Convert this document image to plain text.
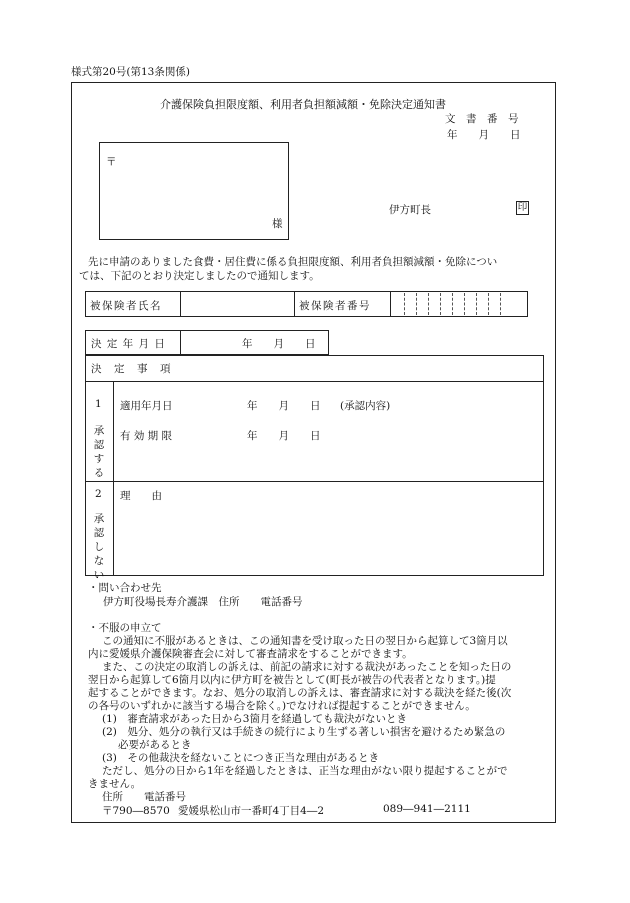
様式第20号(第13条関係)
介護保険負担限度額、利用者負担額減額・免除決定通知書
文　書　番　号
年　　月　　日
〒
様
伊方町長	印
先に申請のありました食費・居住費に係る負担限度額、利用者負担額減額・免除につい
ては、下記のとおり決定しましたので通知します。
被保険者氏名	被保険者番号
決 定 年 月 日	年　　月　　日
決　定　事　項
1
承認する
適用年月日	年　　月　　日 (承認内容)
有 効 期 限	年　　月　　日
2
承認しない
理　　由
・問い合わせ先
伊方町役場長寿介護課　住所　　電話番号
・不服の申立て
この通知に不服があるときは、この通知書を受け取った日の翌日から起算して3箇月以
内に愛媛県介護保険審査会に対して審査請求をすることができます。
また、この決定の取消しの訴えは、前記の請求に対する裁決があったことを知った日の
翌日から起算して6箇月以内に伊方町を被告として(町長が被告の代表者となります。)提
起することができます。なお、処分の取消しの訴えは、審査請求に対する裁決を経た後(次
の各号のいずれかに該当する場合を除く。)でなければ提起することができません。
(1)　審査請求があった日から3箇月を経過しても裁決がないとき
(2)　処分、処分の執行又は手続きの続行により生ずる著しい損害を避けるため緊急の
必要があるとき
(3)　その他裁決を経ないことにつき正当な理由があるとき
ただし、処分の日から1年を経過したときは、正当な理由がない限り提起することがで
きません。
住所　　電話番号
〒790―8570 愛媛県松山市一番町4丁目4―2	089―941―2111
